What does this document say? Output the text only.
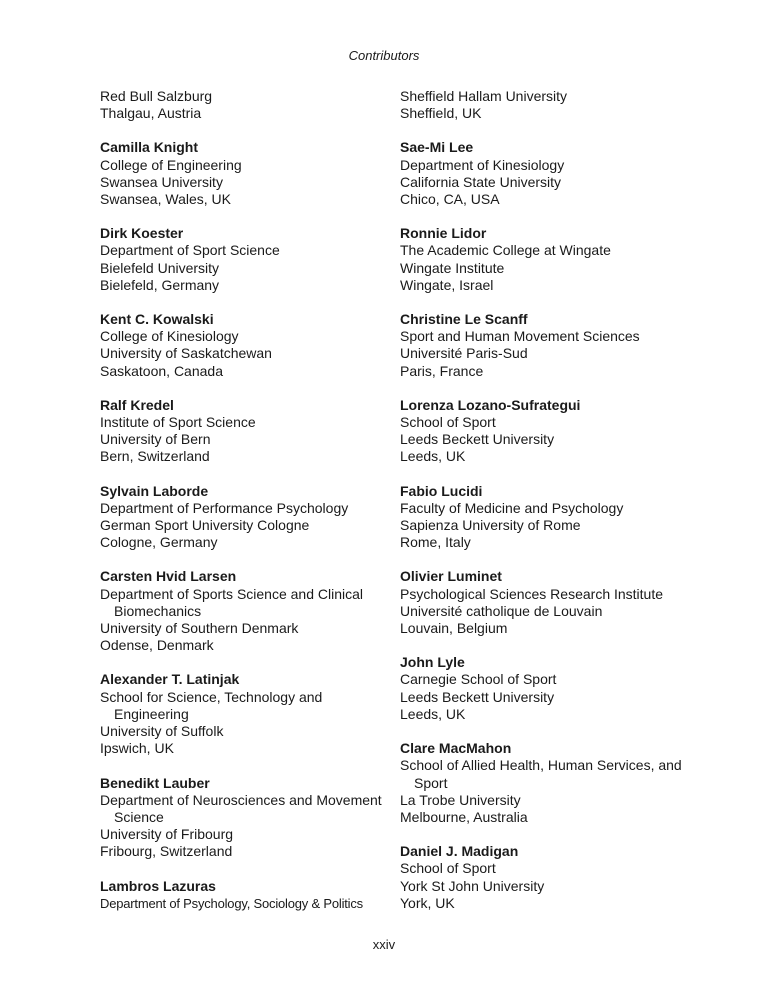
Contributors
Red Bull Salzburg
Thalgau, Austria
Camilla Knight
College of Engineering
Swansea University
Swansea, Wales, UK
Dirk Koester
Department of Sport Science
Bielefeld University
Bielefeld, Germany
Kent C. Kowalski
College of Kinesiology
University of Saskatchewan
Saskatoon, Canada
Ralf Kredel
Institute of Sport Science
University of Bern
Bern, Switzerland
Sylvain Laborde
Department of Performance Psychology
German Sport University Cologne
Cologne, Germany
Carsten Hvid Larsen
Department of Sports Science and Clinical Biomechanics
University of Southern Denmark
Odense, Denmark
Alexander T. Latinjak
School for Science, Technology and Engineering
University of Suffolk
Ipswich, UK
Benedikt Lauber
Department of Neurosciences and Movement Science
University of Fribourg
Fribourg, Switzerland
Lambros Lazuras
Department of Psychology, Sociology & Politics
Sheffield Hallam University
Sheffield, UK
Sae-Mi Lee
Department of Kinesiology
California State University
Chico, CA, USA
Ronnie Lidor
The Academic College at Wingate
Wingate Institute
Wingate, Israel
Christine Le Scanff
Sport and Human Movement Sciences
Université Paris-Sud
Paris, France
Lorenza Lozano-Sufrategui
School of Sport
Leeds Beckett University
Leeds, UK
Fabio Lucidi
Faculty of Medicine and Psychology
Sapienza University of Rome
Rome, Italy
Olivier Luminet
Psychological Sciences Research Institute
Université catholique de Louvain
Louvain, Belgium
John Lyle
Carnegie School of Sport
Leeds Beckett University
Leeds, UK
Clare MacMahon
School of Allied Health, Human Services, and Sport
La Trobe University
Melbourne, Australia
Daniel J. Madigan
School of Sport
York St John University
York, UK
xxiv
